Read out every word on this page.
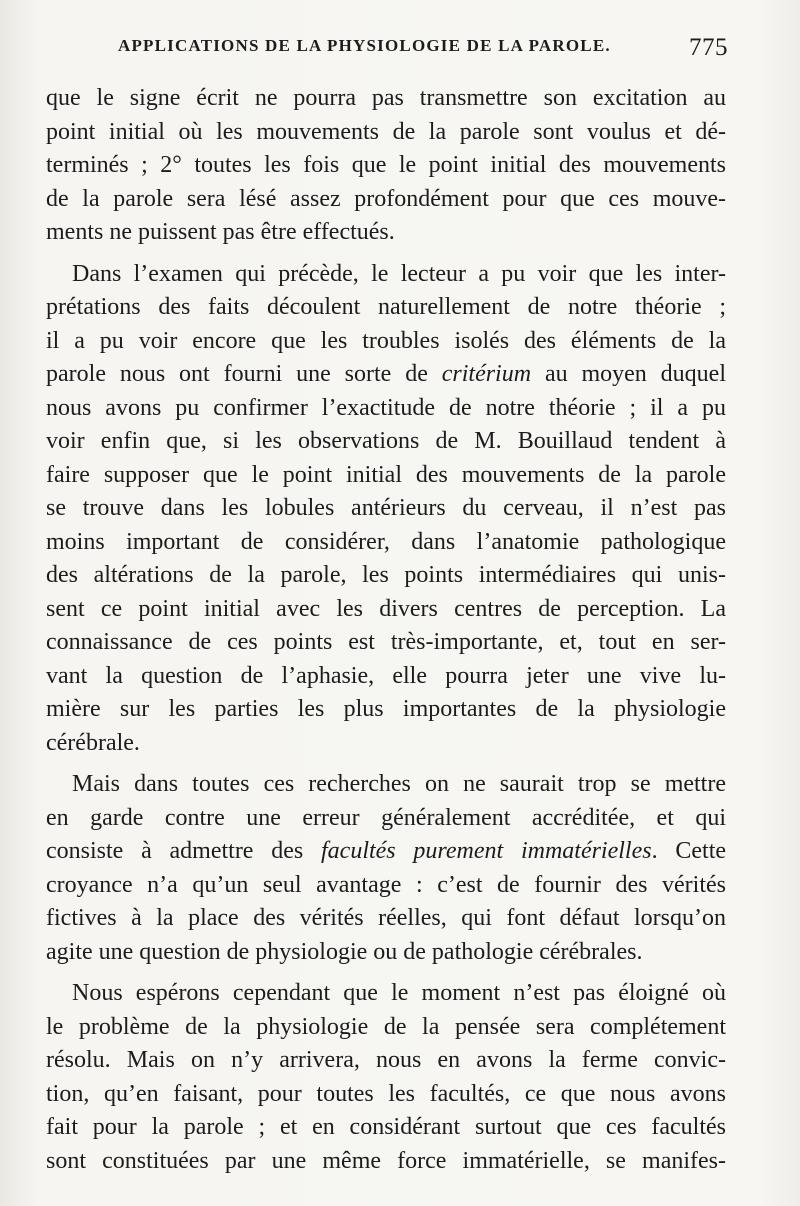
APPLICATIONS DE LA PHYSIOLOGIE DE LA PAROLE.	775
que le signe écrit ne pourra pas transmettre son excitation au
point initial où les mouvements de la parole sont voulus et dé-
terminés ; 2° toutes les fois que le point initial des mouvements
de la parole sera lésé assez profondément pour que ces mouve-
ments ne puissent pas être effectués.
Dans l’examen qui précède, le lecteur a pu voir que les inter-
prétations des faits découlent naturellement de notre théorie ;
il a pu voir encore que les troubles isolés des éléments de la
parole nous ont fourni une sorte de critérium au moyen duquel
nous avons pu confirmer l’exactitude de notre théorie ; il a pu
voir enfin que, si les observations de M. Bouillaud tendent à
faire supposer que le point initial des mouvements de la parole
se trouve dans les lobules antérieurs du cerveau, il n’est pas
moins important de considérer, dans l’anatomie pathologique
des altérations de la parole, les points intermédiaires qui unis-
sent ce point initial avec les divers centres de perception. La
connaissance de ces points est très-importante, et, tout en ser-
vant la question de l’aphasie, elle pourra jeter une vive lu-
mière sur les parties les plus importantes de la physiologie
cérébrale.
Mais dans toutes ces recherches on ne saurait trop se mettre
en garde contre une erreur généralement accréditée, et qui
consiste à admettre des facultés purement immatérielles. Cette
croyance n’a qu’un seul avantage : c’est de fournir des vérités
fictives à la place des vérités réelles, qui font défaut lorsqu’on
agite une question de physiologie ou de pathologie cérébrales.
Nous espérons cependant que le moment n’est pas éloigné où
le problème de la physiologie de la pensée sera complétement
résolu. Mais on n’y arrivera, nous en avons la ferme convic-
tion, qu’en faisant, pour toutes les facultés, ce que nous avons
fait pour la parole ; et en considérant surtout que ces facultés
sont constituées par une même force immatérielle, se manifes-
